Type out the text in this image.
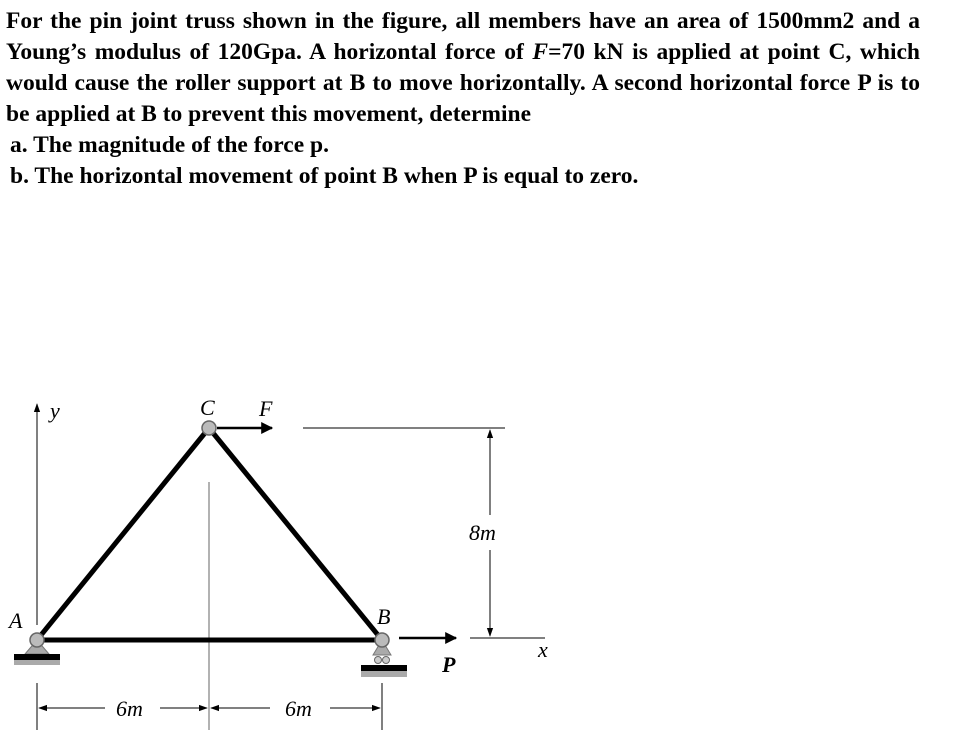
For the pin joint truss shown in the figure, all members have an area of 1500mm2 and a Young’s modulus of 120Gpa. A horizontal force of F=70 kN is applied at point C, which would cause the roller support at B to move horizontally. A second horizontal force P is to be applied at B to prevent this movement, determine

a. The magnitude of the force p.

b. The horizontal movement of point B when P is equal to zero.

y
x
A	B
C F
P
8m
6m	6m
